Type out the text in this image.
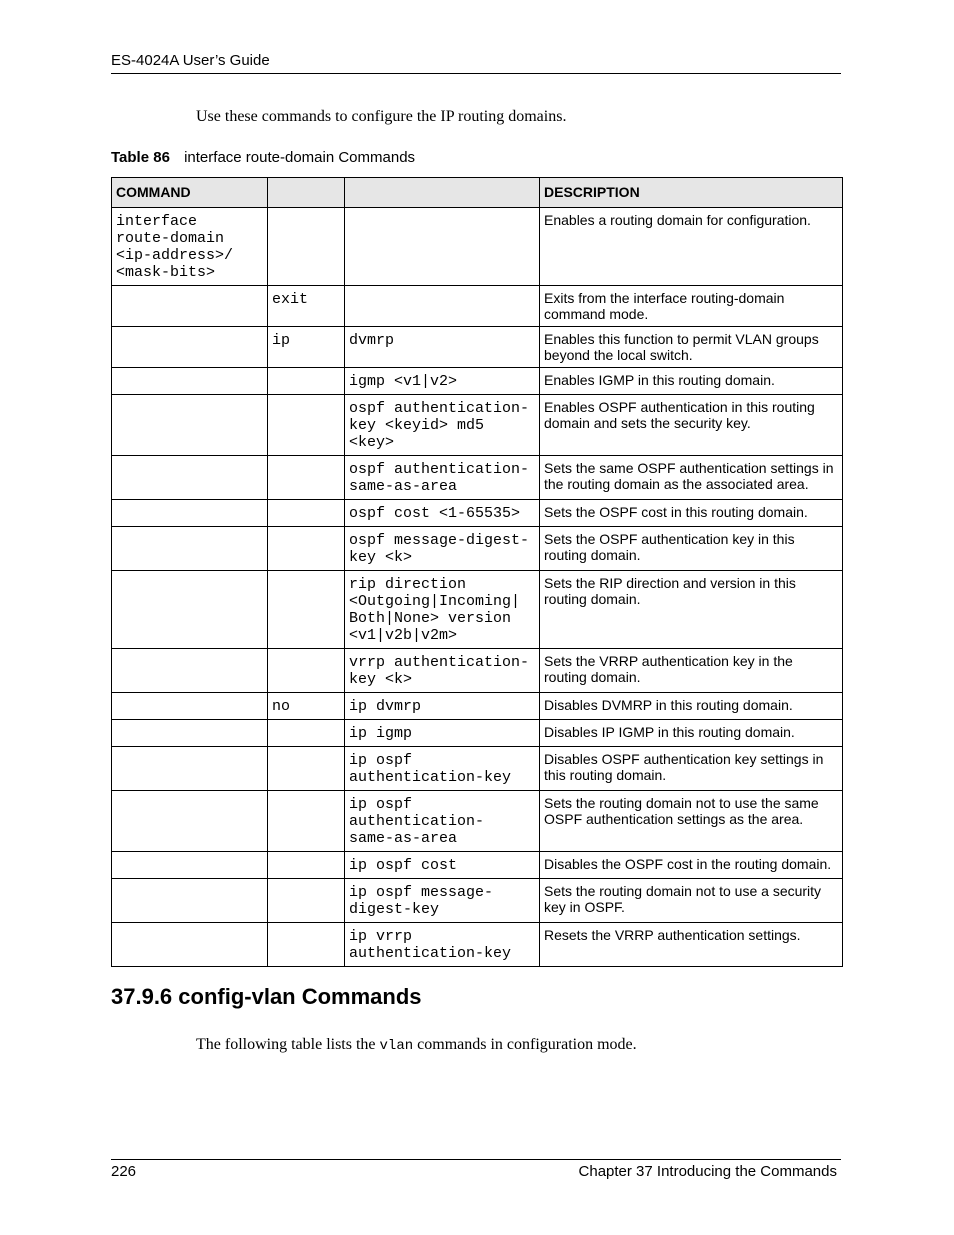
ES-4024A User’s Guide
Use these commands to configure the IP routing domains.
Table 86 interface route-domain Commands
COMMAND			DESCRIPTION

interface
route-domain
<ip-address>/
<mask-bits>			Enables a routing domain for configuration.

	exit		Exits from the interface routing-domain command mode.

	ip	dvmrp	Enables this function to permit VLAN groups beyond the local switch.

		igmp <v1|v2>	Enables IGMP in this routing domain.

		ospf authentication-
key <keyid> md5
<key>	Enables OSPF authentication in this routing domain and sets the security key.

		ospf authentication-
same-as-area	Sets the same OSPF authentication settings in the routing domain as the associated area.

		ospf cost <1-65535>	Sets the OSPF cost in this routing domain.

		ospf message-digest-
key <k>	Sets the OSPF authentication key in this routing domain.

		rip direction
<Outgoing|Incoming|
Both|None> version
<v1|v2b|v2m>	Sets the RIP direction and version in this routing domain.

		vrrp authentication-
key <k>	Sets the VRRP authentication key in the routing domain.

	no	ip dvmrp	Disables DVMRP in this routing domain.

		ip igmp	Disables IP IGMP in this routing domain.

		ip ospf
authentication-key	Disables OSPF authentication key settings in this routing domain.

		ip ospf
authentication-
same-as-area	Sets the routing domain not to use the same OSPF authentication settings as the area.

		ip ospf cost	Disables the OSPF cost in the routing domain.

		ip ospf message-
digest-key	Sets the routing domain not to use a security key in OSPF.

		ip vrrp
authentication-key	Resets the VRRP authentication settings.
37.9.6 config-vlan Commands
The following table lists the vlan commands in configuration mode.
226	Chapter 37 Introducing the Commands
